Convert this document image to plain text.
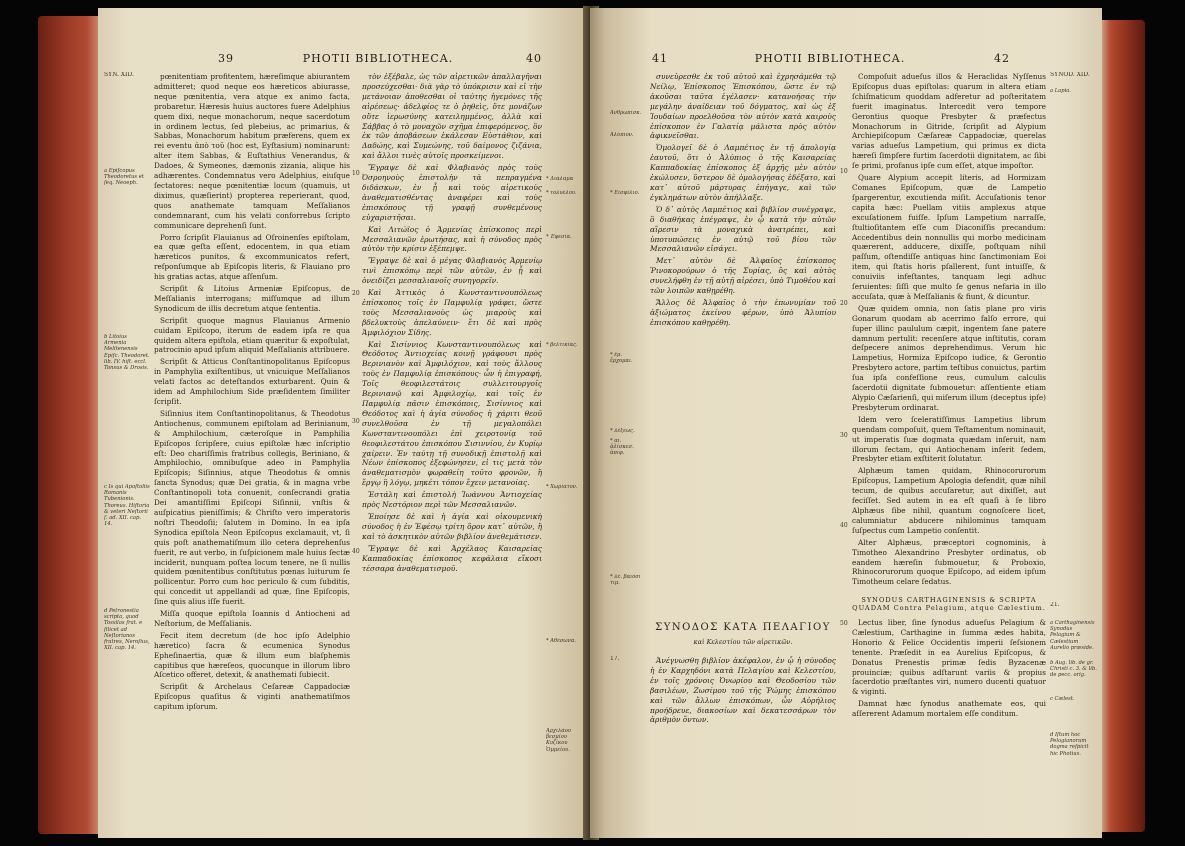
PHOTII BIBLIOTHECA.
39	40
SYN. XID.
a Epiſcopus Theodoretus et ſeq. Neoeph.
b Litoius Armenia Melitenensis Epiſc. Theodoret. lib. IV. hiſt. eccl. Tonsus & Drosis.
c Is qui Apoſtoliis Romanis Tubenionis. Thoreus. Hiſtoria & veteri Neſtorii ſ. ad. XII. cap. 14.
d Petronestia scripta, quod Tossilas frat. e ſilicet ad Neſtorianos fratres, Neroſius, XII. cap. 14.

pœnitentiam profitentem, hæreſimque abiurantem admitteret; quod neque eos hæreticos abiurasse, neque pœnitentia, vera atque ex animo facta, probaretur. Hæresis huius auctores fuere Adelphius quem dixi, neque monachorum, neque sacerdotum in ordinem lectus, ſed plebeius, ac primarius, & Sabbas, Monachorum habitum præferens, quem ex rei eventu ἀπὸ τοῦ (hoc est, Eyſtasium) nominarunt: alter item Sabbas, & Euſtathius Venerandus, & Dadoes, & Symeones, dæmonis zizania, alique his adhærentes. Condemnatus vero Adelphius, eiuſque ſectatores: neque pœnitentiæ locum (quamuis, ut diximus, quæſierint) propterea reperierant, quod, quos anathemate tamquam Meſſalianos condemnarant, cum his velati conforrebus ſcripto communicare deprehenſi ſunt.

Porro ſcripſit Flauianus ad Oſroinenſes epiſtolam, ea quæ geſta eſſent, edocentem, in qua etiam hæreticos punitos, & excommunicatos refert, reſponſumque ab Epiſcopis literis, & Flauiano pro his gratias actas, atque aſſenſum.

Scripſit & Litoius Armeniæ Epiſcopus, de Meſſalianis interrogans; miſſumque ad illum Synodicum de illis decretum atque ſententia.

Scripſit quoque magnus Flauianus Armenio cuidam Epiſcopo, iterum de eadem ipſa re qua quidem altera epiſtola, etiam quæritur & expoſtulat, patrocinio apud ipſum aliquid Meſſalianis attribuere.

Scripſit & Atticus Conſtantinopolitanus Epiſcopus in Pamphylia exiſtentibus, ut vnicuique Meſſalianos velati factos ac deteſtandos exturbarent. Quin & idem ad Amphilochium Side præſidentem ſimiliter ſcripſit.

Siſinnius item Conſtantinopolitanus, & Theodotus Antiochenus, communem epiſtolam ad Berinianum, & Amphilochium, cæteroſque in Pamphilia Epiſcopos ſcripſere, cuius epiſtolæ hæc inſcriptio eſt: Deo chariſſimis fratribus collegis, Beriniano, & Amphilochio, omnibuſque adeo in Pamphylia Epiſcopis; Siſinnius, atque Theodotus & omnis ſancta Synodus; quæ Dei gratia, & in magna vrbe Conſtantinopoli tota conuenit, conſecrandi gratia Dei amantiſſimi Epiſcopi Siſinnii, vnſtis & auſpicatius pieniſſimis; & Chriſto vero imperatoris noſtri Theodoſii; ſalutem in Domino. In ea ipſa Synodica epiſtola Neon Epiſcopus exclamauit, vt, ſi quis poſt anathematiſmum illo cetera deprehenſus fuerit, re aut verbo, in ſuſpicionem male huius ſectæ inciderit, nunquam poſtea locum tenere, ne ſi nullis quidem pœnitentibus conſtitutus pœnas luiturum ſe pollicentur. Porro cum hoc periculo & cum ſubditis, qui concedit ut appellandi ad quæ, ſine Epiſcopis, ſine quis alius iſſe fuerit.

Miſſa quoque epiſtola Ioannis d Antiocheni ad Neſtorium, de Meſſalianis.

Fecit item decretum (de hoc ipſo Adelphio hæretico) ſacra & ecumenica Synodus Epheſinaertia, quæ & illum eum blaſphemis capitibus que hæreſeos, quocunque in illorum libro Aſcetico offeret, detexit, & anathemati ſubiecit.

Scripſit & Archelaus Ceſareæ Cappadociæ Epiſcopus quaſitus & viginti anathematiſmos capitum ipſorum.

10
20
30
40

τὸν ἐξέβαλε, ὡς τῶν αἱρετικῶν ἀπαλλαγῆναι προσεύχεσθαι· διὰ γὰρ τὸ ὑπόκρισιν καὶ εἰ τὴν μετάνοιαν ἀποθεσθαι οἱ ταύτης ἡγεμόνες τῆς αἱρέσεως· ἀδελφίος τε ὁ ῥηθεὶς, ὅτε μονάζων οὔτε ἱερωσύνης κατειλημμένος, ἀλλὰ καὶ Σάββας ὁ τὸ μοναχῶν σχῆμα ἐπιφερόμενος, ὃν ἐκ τῶν ἀποβάσεων ἐκάλεσαν Εὐστάθιον, καὶ Δαδώης, καὶ Συμεώνης, τοῦ δαίμονος ζιζάνια, καὶ ἄλλοι τινὲς αὐτοῖς προσκείμενοι.

Ἔγραψε δὲ καὶ Φλαβιανὸς πρὸς τοὺς Ὀσροηνοὺς ἐπιστολὴν τὰ πεπραγμένα διδάσκων, ἐν ᾗ καὶ τοὺς αἱρετικοὺς ἀναθεματισθέντας ἀναφέρει καὶ τοὺς ἐπισκόπους τῇ γραφῇ συνθεμένους εὐχαριστῆσαι.

Καὶ Λιτώϊος ὁ Ἀρμενίας ἐπίσκοπος περὶ Μεσσαλιανῶν ἐρωτήσας, καὶ ἡ σύνοδος πρὸς αὐτὸν τὴν κρίσιν ἐξέπεμψε.

Ἔγραψε δὲ καὶ ὁ μέγας Φλαβιανὸς Ἀρμενίῳ τινὶ ἐπισκόπῳ περὶ τῶν αὐτῶν, ἐν ᾗ καὶ ὀνειδίζει μεσσαλιανοῖς συνηγορεῖν.

Καὶ Ἀττικὸς ὁ Κωνσταντινουπόλεως ἐπίσκοπος τοῖς ἐν Παμφυλίᾳ γράφει, ὥστε τοὺς Μεσσαλιανοὺς ὡς μιαροὺς καὶ βδελυκτοὺς ἀπελαύνειν· ἔτι δὲ καὶ πρὸς Ἀμφιλόχιον Σίδης.

Καὶ Σισίννιος Κωνσταντινουπόλεως καὶ Θεόδοτος Ἀντιοχείας κοινῇ γράφουσι πρὸς Βερινιανὸν καὶ Ἀμφιλόχιον, καὶ τοὺς ἄλλους τοὺς ἐν Παμφυλίᾳ ἐπισκόπους· ὧν ἡ ἐπιγραφή, Τοῖς θεοφιλεστάτοις συλλειτουργοῖς Βερινιανῷ καὶ Ἀμφιλοχίῳ, καὶ τοῖς ἐν Παμφυλίᾳ πᾶσιν ἐπισκόποις, Σισίννιος καὶ Θεόδοτος καὶ ἡ ἁγία σύνοδος ἡ χάριτι θεοῦ συνελθοῦσα ἐν τῇ μεγαλοπόλει Κωνσταντινουπόλει ἐπὶ χειροτονίᾳ τοῦ θεοφιλεστάτου ἐπισκόπου Σισιννίου, ἐν Κυρίῳ χαίρειν. Ἐν ταύτῃ τῇ συνοδικῇ ἐπιστολῇ καὶ Νέων ἐπίσκοπος ἐξεφώνησεν, εἰ τις μετὰ τὸν ἀναθεματισμὸν φωραθείη τοῦτο φρονῶν, ἢ ἔργῳ ἢ λόγῳ, μηκέτι τόπον ἔχειν μετανοίας.

Ἐστάλη καὶ ἐπιστολὴ Ἰωάννου Ἀντιοχείας πρὸς Νεστόριον περὶ τῶν Μεσσαλιανῶν.

Ἐποίησε δὲ καὶ ἡ ἁγία καὶ οἰκουμενικὴ σύνοδος ἡ ἐν Ἐφέσῳ τρίτη ὅρον κατ᾽ αὐτῶν, ἣ καὶ τὸ ἀσκητικὸν αὐτῶν βιβλίον ἀνεθεμάτισεν.

Ἔγραψε δὲ καὶ Ἀρχέλαος Καισαρείας Καππαδοκίας ἐπίσκοπος κεφάλαια εἴκοσι τέσσαρα ἀναθεματισμοῦ.

* Διάλαμα
* τολυέλου.
* Ἐφεσία.
* βελτικίας.
* Χωρίατον.
* Ἀθέσωνα.
Ἀρχιλάου βεσμίου Κυζίκου Ὁμμείου.
PHOTII BIBLIOTHECA.
41	42
Ἀνθρωπίσκ.
Ἀλύπιον.
* Εἰσφίλιο.
* ἔμ. ἔρχομαι.
* λέξεως.
* αἱ. ἀλίσκεσ. ἀπιφ.
* λέ. βαιόσι τιμ.

συνεὐρεσθε ἐκ τοῦ αὐτοῦ καὶ ἐχρησάμεθα τῷ Νείλῳ, Ἐπίσκοπος Ἐπισκόπου, ὥστε ἐν τῷ ἀκοῦσαι ταῦτα ἐγέλασεν· κατανοήσας τὴν μεγάλην ἀναίδειαν τοῦ δόγματος, καὶ ὡς ἐξ Ἰουδαίων προελθοῦσα τὸν αὐτὸν κατὰ καιροὺς ἐπίσκοπον ἐν Γαλατίᾳ μάλιστα πρὸς αὐτὸν ἀφικνεῖσθαι.

Ὁμολογεῖ δὲ ὁ Λαμπέτιος ἐν τῇ ἀπολογίᾳ ἑαυτοῦ, ὅτι ὁ Ἀλύπιος ὁ τῆς Καισαρείας Καππαδοκίας ἐπίσκοπος ἐξ ἀρχῆς μὲν αὐτὸν ἐκώλυσεν, ὕστερον δὲ ὁμολογήσας ἐδέξατο, καὶ κατ᾽ αὐτοῦ μάρτυρας ἐπήγαγε, καὶ τῶν ἐγκλημάτων αὐτὸν ἀπήλλαξε.

Ὁ δ᾽ αὐτὸς Λαμπέτιος καὶ βιβλίον συνέγραψε, ὃ διαθήκας ἐπέγραψε, ἐν ᾧ κατὰ τὴν αὐτῶν αἵρεσιν τὰ μοναχικὰ ἀνατρέπει, καὶ ὑποτυπώσεις ἐν αὐτῷ τοῦ βίου τῶν Μεσσαλιανῶν εἰσάγει.

Μετ᾽ αὐτὸν δὲ Ἀλφαῖος ἐπίσκοπος Ῥινοκορούρων ὁ τῆς Συρίας, ὃς καὶ αὐτὸς συνελήφθη ἐν τῇ αὐτῇ αἱρέσει, ὑπὸ Τιμοθέου καὶ τῶν λοιπῶν καθῃρέθη.

Ἄλλος δὲ Ἀλφαῖος ὁ τὴν ἐπωνυμίαν τοῦ ἀξιώματος ἐκείνου φέρων, ὑπὸ Ἀλυπίου ἐπισκόπου καθῃρέθη.

ΣΥΝΟΔΟΣ ΚΑΤΑ ΠΕΛΑΓΙΟΥ
καὶ Κελεστίου τῶν αἱρετικῶν.
17.	Ἀνέγνωσθη βιβλίον ἀκέφαλον, ἐν ᾧ ἡ σύνοδος ἡ ἐν Καρχηδόνι κατὰ Πελαγίου καὶ Κελεστίου, ἐν τοῖς χρόνοις Ὀνωρίου καὶ Θεοδοσίου τῶν βασιλέων, Ζωσίμου τοῦ τῆς Ῥώμης ἐπισκόπου καὶ τῶν ἄλλων ἐπισκόπων, ὧν Αὐρήλιος προήδρευε, διακοσίων καὶ δεκατεσσάρων τὸν ἀριθμὸν ὄντων.

10
20
30
40
50

Compoſuit adueſus illos & Heraclidas Nyſſenus Epiſcopus duas epiſtolas: quarum in altera etiam ſchiſmaticum quoddam adferetur ad poſteritatem fuerit imaginatus. Intercedit vero tempore Gerontius quoque Presbyter & præfectus Monachorum in Gitride, ſcripſit ad Alypium Archiepiſcopum Cæſareæ Cappadociæ, querelas varias adueſus Lampetium, qui primus ex dicta hæreſi ſimpſere furtim ſacerdotii dignitatem, ac ſibi ſe primi, profanus ipſe cum eſſet, atque impoſtor.

Quare Alypium accepit literis, ad Hormizam Comanes Epiſcopum, quæ de Lampetio ſpargerentur, excutienda miſit. Accuſationis tenor capita hæc: Puellam vitiis amplexus atque excuſationem fuiſſe. Ipſum Lampetium narraſſe, ſtultioſitantem eſſe cum Diaconiſſis precandum: Accedentibus dein nonnullis qui morbo medicinam quærerent, adducere, dixiſſe, poſtquam nihil paſſum, oſtendiſſe antiquas hinc ſanctimoniam Eoi item, qui ſtatis horis pſallerent, ſunt intuiſſe, & conuiviis infeſtantes, tanquam legi adhuc ſeruientes: ſiſſi que multo ſe genus nefaria in illo accuſata, quæ à Meſſalianis & fiunt, & dicuntur.

Quæ quidem omnia, non ſatis plane pro viris Gonarum quodam ab acerrimo falſo errore, qui ſuper illinc paululum cæpit, ingentem ſane patere damnum pertulit: recenſere atque inſtitutis, coram deſpecere animos deprehendimus. Verum hic Lampetius, Hormiza Epiſcopo iudice, & Gerontio Presbytero actore, partim teſtibus conuictus, partim ſua ipſa confeſſione reus, cumulum calculis ſacerdotii dignitate ſubmouetur: aſſentiente etiam Alypio Cæſarienſi, qui miſerum illum (deceptus ipſe) Presbyterum ordinarat.

Idem vero ſceleratiſſimus Lampetius librum quendam compoſuit, quem Teſtamentum nominauit, ut imperatis ſuæ dogmata quædam inſeruit, nam illorum ſectam, qui Antiochenam inſerit ſedem, Presbyter etiam exſtiterit ſolutatur.

Alphæum tamen quidam, Rhinocorurorum Epiſcopus, Lampetium Apologia defendit, quæ nihil tecum, de quibus accuſaretur, aut dixiſſet, aut feciſſet. Sed autem in ea eſt quaſi à ſe libro Alphæus ſibe nihil, quantum cognoſcere licet, calumniatur abducere nihilominus tamquam ſuſpectus cum Lampetio conſentit.

Alter Alphæus, præceptori cognominis, à Timotheo Alexandrino Presbyter ordinatus, ob eandem hæreſin ſubmouetur, & Proboxio, Rhinocorurorum quoque Epiſcopo, ad eidem ipſum Timotheum celare ſedatus.

SYNODUS CARTHAGINENSIS & SCRIPTA QUADAM Contra Pelagium, atque Cælestium.

Lectus liber, ſine ſynodus adueſus Pelagium & Cælestium, Carthagine in ſumma ædes habita, Honorio & Felice Occidentis imperii ſeſsionem tenente. Præſedit in ea Aurelius Epiſcopus, & Donatus Prenestis primæ ſedis Byzacenæ prouinciæ; quibus adſtarunt variis & propius ſacerdotio præſtantes viri, numero ducenti quatuor & viginti.

Damnat hæc ſynodus anathemate eos, qui aſſererent Adamum mortalem eſſe conditum.

SYNOD. XID.
a Lapia.
21.
a Carthaginensis Synodus Pelagium & Cælestium Aurelio præside.
b Aug. lib. de gr. Christi c. 3. & lib. de pecc. orig.
c Cælest.
d Iſtum hoc Pelagianorum dogma reſpicit hic Photius.
